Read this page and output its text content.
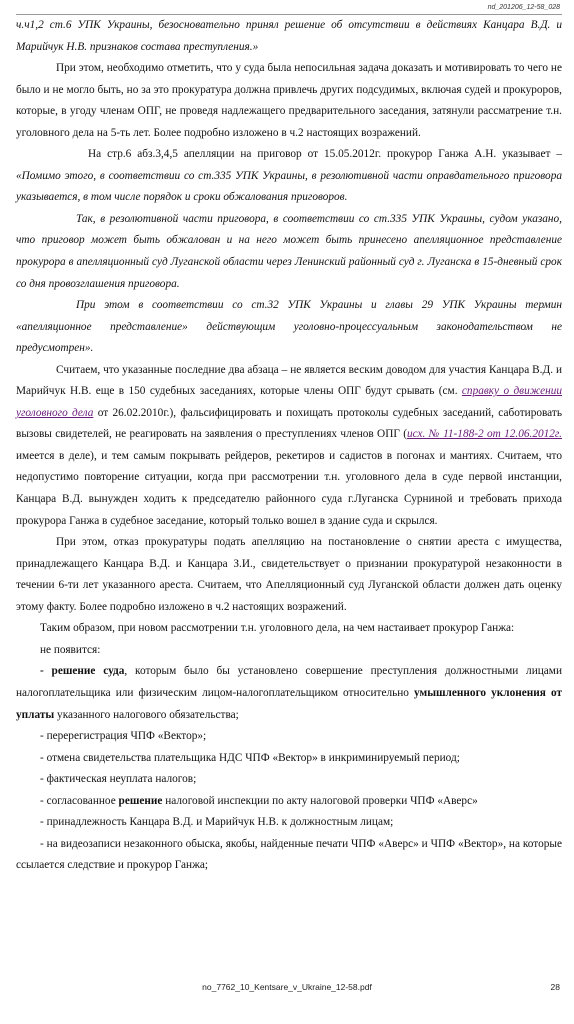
nd_201206_12-58_028

ч.ч1,2 ст.6 УПК Украины, безосновательно принял решение об отсутствии в действиях Канцара В.Д. и Марийчук Н.В. признаков состава преступления.»

При этом, необходимо отметить, что у суда была непосильная задача доказать и мотивировать то чего не было и не могло быть, но за это прокуратура должна привлечь других подсудимых, включая судей и прокуроров, которые, в угоду членам ОПГ, не проведя надлежащего предварительного заседания, затянули рассматрение т.н. уголовного дела на 5-ть лет. Более подробно изложено в ч.2 настоящих возражений.

На стр.6 абз.3,4,5 апелляции на приговор от 15.05.2012г. прокурор Ганжа А.Н. указывает – «Помимо этого, в соответствии со ст.335 УПК Украины, в резолютивной части оправдательного приговора указывается, в том числе порядок и сроки обжалования приговоров.

Так, в резолютивной части приговора, в соответствии со ст.335 УПК Украины, судом указано, что приговор может быть обжалован и на него может быть принесено апелляционное представление прокурора в апелляционный суд Луганской области через Ленинский районный суд г. Луганска в 15-дневный срок со дня провозглашения приговора.

При этом в соответствии со ст.32 УПК Украины и главы 29 УПК Украины термин «апелляционное представление» действующим уголовно-процессуальным законодательством не предусмотрен».

Считаем, что указанные последние два абзаца – не является веским доводом для участия Канцара В.Д. и Марийчук Н.В. еще в 150 судебных заседаниях, которые члены ОПГ будут срывать (см. справку о движении уголовного дела от 26.02.2010г.), фальсифицировать и похищать протоколы судебных заседаний, саботировать вызовы свидетелей, не реагировать на заявления о преступлениях членов ОПГ (исх. № 11-188-2 от 12.06.2012г. имеется в деле), и тем самым покрывать рейдеров, рекетиров и садистов в погонах и мантиях. Считаем, что недопустимо повторение ситуации, когда при рассмотрении т.н. уголовного дела в суде первой инстанции, Канцара В.Д. вынужден ходить к председателю районного суда г.Луганска Сурниной и требовать прихода прокурора Ганжа в судебное заседание, который только вошел в здание суда и скрылся.

При этом, отказ прокуратуры подать апелляцию на постановление о снятии ареста с имущества, принадлежащего Канцара В.Д. и Канцара З.И., свидетельствует о признании прокуратурой незаконности в течении 6-ти лет указанного ареста. Считаем, что Апелляционный суд Луганской области должен дать оценку этому факту. Более подробно изложено в ч.2 настоящих возражений.

Таким образом, при новом рассмотрении т.н. уголовного дела, на чем настаивает прокурор Ганжа:

не появится:

- решение суда, которым было бы установлено совершение преступления должностными лицами налогоплательщика или физическим лицом-налогоплательщиком относительно умышленного уклонения от уплаты указанного налогового обязательства;

- перерегистрация ЧПФ «Вектор»;

- отмена свидетельства плательщика НДС ЧПФ «Вектор» в инкриминируемый период;

- фактическая неуплата налогов;

- согласованное решение налоговой инспекции по акту налоговой проверки ЧПФ «Аверс»

- принадлежность Канцара В.Д. и Марийчук Н.В. к должностным лицам;

- на видеозаписи незаконного обыска, якобы, найденные печати ЧПФ «Аверс» и ЧПФ «Вектор», на которые ссылается следствие и прокурор Ганжа;

no_7762_10_Kentsare_v_Ukraine_12-58.pdf	28
